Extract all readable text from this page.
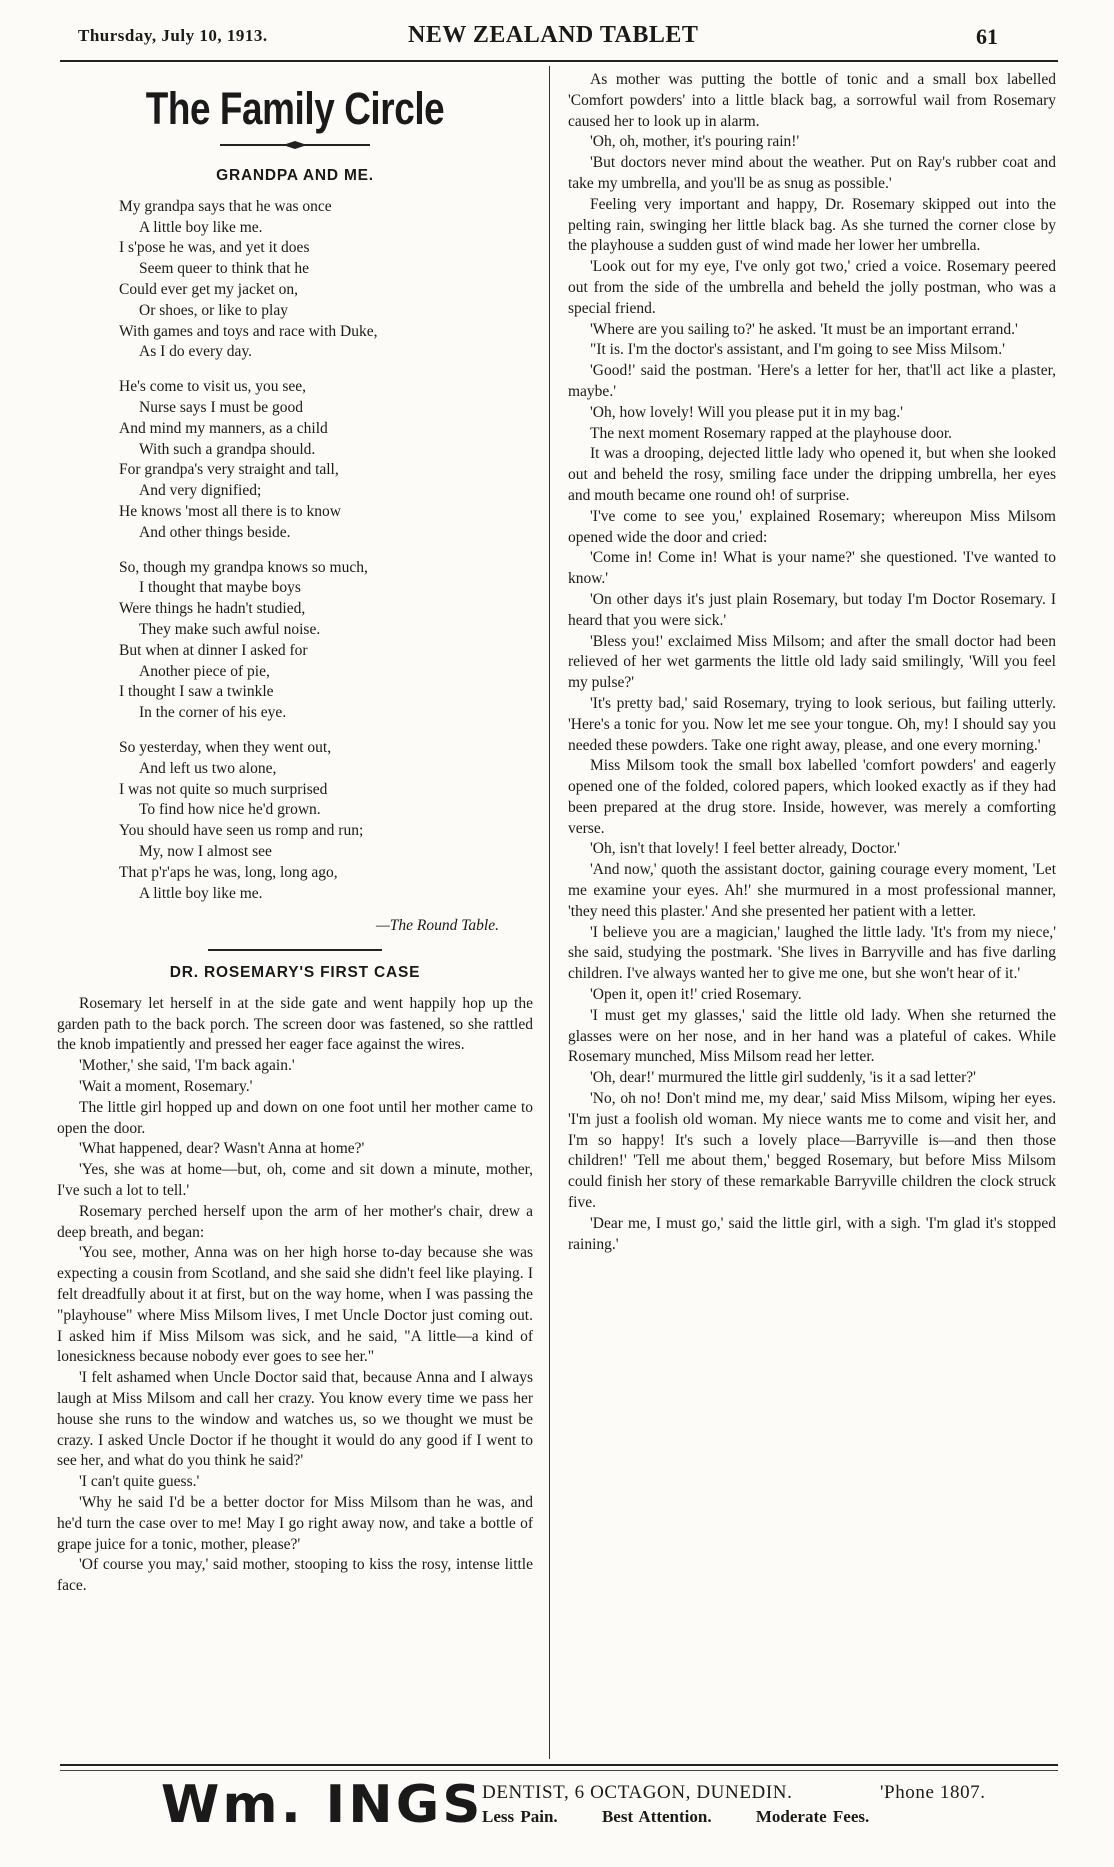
Thursday, July 10, 1913.	NEW ZEALAND TABLET	61
The Family Circle
GRANDPA AND ME.
My grandpa says that he was once
A little boy like me.
I s'pose he was, and yet it does
Seem queer to think that he
Could ever get my jacket on,
Or shoes, or like to play
With games and toys and race with Duke,
As I do every day.
He's come to visit us, you see,
Nurse says I must be good
And mind my manners, as a child
With such a grandpa should.
For grandpa's very straight and tall,
And very dignified;
He knows 'most all there is to know
And other things beside.
So, though my grandpa knows so much,
I thought that maybe boys
Were things he hadn't studied,
They make such awful noise.
But when at dinner I asked for
Another piece of pie,
I thought I saw a twinkle
In the corner of his eye.
So yesterday, when they went out,
And left us two alone,
I was not quite so much surprised
To find how nice he'd grown.
You should have seen us romp and run;
My, now I almost see
That p'r'aps he was, long, long ago,
A little boy like me.
—The Round Table.
DR. ROSEMARY'S FIRST CASE

Rosemary let herself in at the side gate and went happily hop up the garden path to the back porch. The screen door was fastened, so she rattled the knob impatiently and pressed her eager face against the wires.

'Mother,' she said, 'I'm back again.'

'Wait a moment, Rosemary.'

The little girl hopped up and down on one foot until her mother came to open the door.

'What happened, dear? Wasn't Anna at home?'

'Yes, she was at home—but, oh, come and sit down a minute, mother, I've such a lot to tell.'

Rosemary perched herself upon the arm of her mother's chair, drew a deep breath, and began:

'You see, mother, Anna was on her high horse to-day because she was expecting a cousin from Scotland, and she said she didn't feel like playing. I felt dreadfully about it at first, but on the way home, when I was passing the "playhouse" where Miss Milsom lives, I met Uncle Doctor just coming out. I asked him if Miss Milsom was sick, and he said, "A little—a kind of lonesickness because nobody ever goes to see her."

'I felt ashamed when Uncle Doctor said that, because Anna and I always laugh at Miss Milsom and call her crazy. You know every time we pass her house she runs to the window and watches us, so we thought we must be crazy. I asked Uncle Doctor if he thought it would do any good if I went to see her, and what do you think he said?'

'I can't quite guess.'

'Why he said I'd be a better doctor for Miss Milsom than he was, and he'd turn the case over to me! May I go right away now, and take a bottle of grape juice for a tonic, mother, please?'

'Of course you may,' said mother, stooping to kiss the rosy, intense little face.

As mother was putting the bottle of tonic and a small box labelled 'Comfort powders' into a little black bag, a sorrowful wail from Rosemary caused her to look up in alarm.

'Oh, oh, mother, it's pouring rain!'

'But doctors never mind about the weather. Put on Ray's rubber coat and take my umbrella, and you'll be as snug as possible.'

Feeling very important and happy, Dr. Rosemary skipped out into the pelting rain, swinging her little black bag. As she turned the corner close by the playhouse a sudden gust of wind made her lower her umbrella.

'Look out for my eye, I've only got two,' cried a voice. Rosemary peered out from the side of the umbrella and beheld the jolly postman, who was a special friend.

'Where are you sailing to?' he asked. 'It must be an important errand.'

"It is. I'm the doctor's assistant, and I'm going to see Miss Milsom.'

'Good!' said the postman. 'Here's a letter for her, that'll act like a plaster, maybe.'

'Oh, how lovely! Will you please put it in my bag.'

The next moment Rosemary rapped at the playhouse door.

It was a drooping, dejected little lady who opened it, but when she looked out and beheld the rosy, smiling face under the dripping umbrella, her eyes and mouth became one round oh! of surprise.

'I've come to see you,' explained Rosemary; whereupon Miss Milsom opened wide the door and cried:

'Come in! Come in! What is your name?' she questioned. 'I've wanted to know.'

'On other days it's just plain Rosemary, but today I'm Doctor Rosemary. I heard that you were sick.'

'Bless you!' exclaimed Miss Milsom; and after the small doctor had been relieved of her wet garments the little old lady said smilingly, 'Will you feel my pulse?'

'It's pretty bad,' said Rosemary, trying to look serious, but failing utterly. 'Here's a tonic for you. Now let me see your tongue. Oh, my! I should say you needed these powders. Take one right away, please, and one every morning.'

Miss Milsom took the small box labelled 'comfort powders' and eagerly opened one of the folded, colored papers, which looked exactly as if they had been prepared at the drug store. Inside, however, was merely a comforting verse.

'Oh, isn't that lovely! I feel better already, Doctor.'

'And now,' quoth the assistant doctor, gaining courage every moment, 'Let me examine your eyes. Ah!' she murmured in a most professional manner, 'they need this plaster.' And she presented her patient with a letter.

'I believe you are a magician,' laughed the little lady. 'It's from my niece,' she said, studying the postmark. 'She lives in Barryville and has five darling children. I've always wanted her to give me one, but she won't hear of it.'

'Open it, open it!' cried Rosemary.

'I must get my glasses,' said the little old lady. When she returned the glasses were on her nose, and in her hand was a plateful of cakes. While Rosemary munched, Miss Milsom read her letter.

'Oh, dear!' murmured the little girl suddenly, 'is it a sad letter?'

'No, oh no! Don't mind me, my dear,' said Miss Milsom, wiping her eyes. 'I'm just a foolish old woman. My niece wants me to come and visit her, and I'm so happy! It's such a lovely place—Barryville is—and then those children!' 'Tell me about them,' begged Rosemary, but before Miss Milsom could finish her story of these remarkable Barryville children the clock struck five.

'Dear me, I must go,' said the little girl, with a sigh. 'I'm glad it's stopped raining.'

Wm. INGS
DENTIST, 6 OCTAGON, DUNEDIN.	'Phone 1807.
Less Pain.	Best Attention.	Moderate Fees.
